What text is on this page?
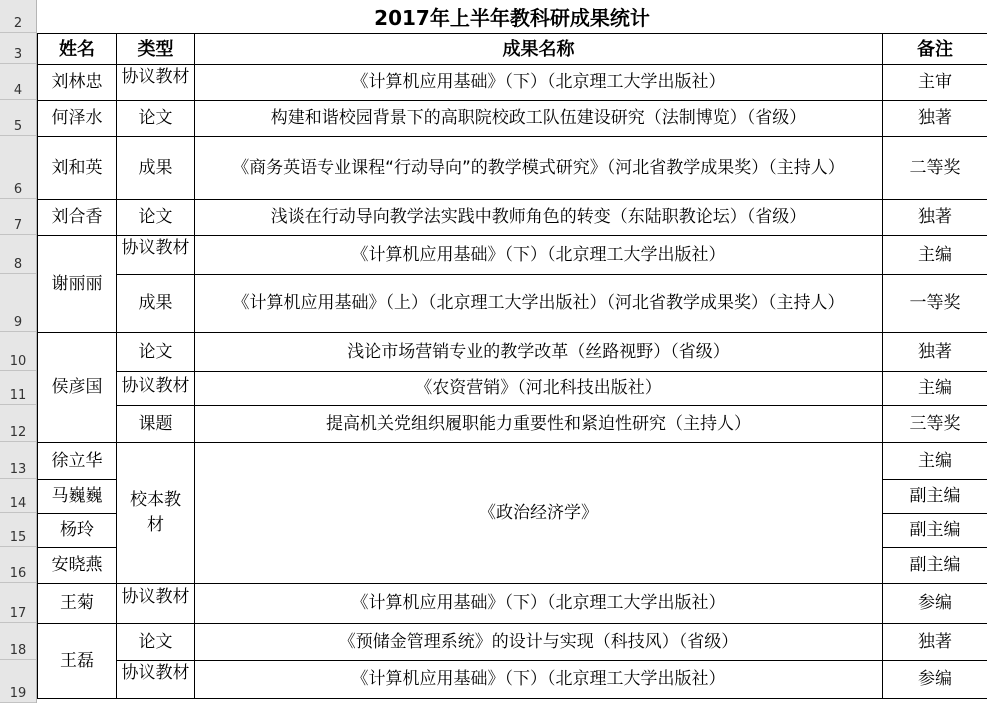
2
3
4
5
6
7
8
9
10
11
12
13
14
15
16
17
18
19
2017年上半年教科研成果统计
姓名	类型	成果名称	备注
刘林忠	协议教材	《计算机应用基础》（下）（北京理工大学出版社）	主审
何泽水	论文	构建和谐校园背景下的高职院校政工队伍建设研究（法制博览）（省级）	独著
刘和英	成果	《商务英语专业课程“行动导向”的教学模式研究》（河北省教学成果奖）（主持人）	二等奖
刘合香	论文	浅谈在行动导向教学法实践中教师角色的转变（东陆职教论坛）（省级）	独著
谢丽丽	协议教材	《计算机应用基础》（下）（北京理工大学出版社）	主编
	成果	《计算机应用基础》（上）（北京理工大学出版社）（河北省教学成果奖）（主持人）	一等奖
侯彦国	论文	浅论市场营销专业的教学改革（丝路视野）（省级）	独著

	协议教材	《农资营销》（河北科技出版社）	主编
	课题	提高机关党组织履职能力重要性和紧迫性研究（主持人）	三等奖
徐立华	校本教材	《政治经济学》	主编
马巍巍			副主编
杨玲			副主编
安晓燕			副主编
王菊	协议教材	《计算机应用基础》（下）（北京理工大学出版社）	参编
王磊	论文	《预储金管理系统》的设计与实现（科技风）（省级）	独著

	协议教材	《计算机应用基础》（下）（北京理工大学出版社）	参编
